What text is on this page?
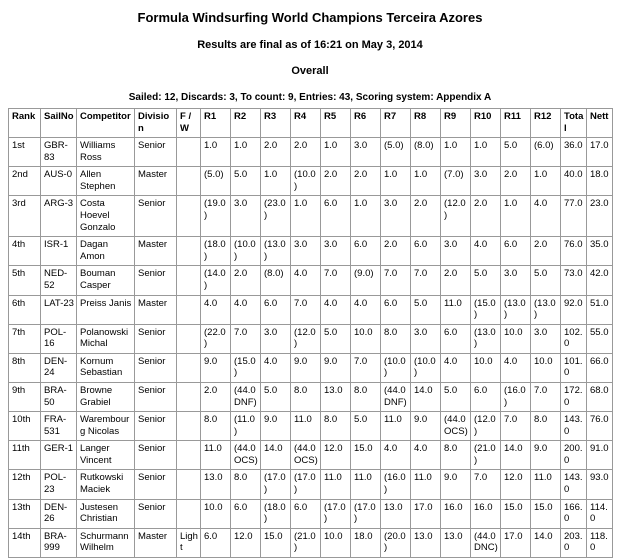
Formula Windsurfing World Champions Terceira Azores
Results are final as of 16:21 on May 3, 2014
Overall
Sailed: 12, Discards: 3, To count: 9, Entries: 43, Scoring system: Appendix A
Rank	SailNo	Competitor	Division	F / W	R1	R2	R3	R4	R5	R6	R7	R8	R9	R10	R11	R12	Total	Nett
1st	GBR-83	Williams Ross	Senior		1.0	1.0	2.0	2.0	1.0	3.0	(5.0)	(8.0)	1.0	1.0	5.0	(6.0)	36.0	17.0
2nd	AUS-0	Allen Stephen	Master		(5.0)	5.0	1.0	(10.0)	2.0	2.0	1.0	1.0	(7.0)	3.0	2.0	1.0	40.0	18.0
3rd	ARG-3	Costa Hoevel Gonzalo	Senior		(19.0)	3.0	(23.0)	1.0	6.0	1.0	3.0	2.0	(12.0)	2.0	1.0	4.0	77.0	23.0
4th	ISR-1	Dagan Amon	Master		(18.0)	(10.0)	(13.0)	3.0	3.0	6.0	2.0	6.0	3.0	4.0	6.0	2.0	76.0	35.0
5th	NED-52	Bouman Casper	Senior		(14.0)	2.0	(8.0)	4.0	7.0	(9.0)	7.0	7.0	2.0	5.0	3.0	5.0	73.0	42.0
6th	LAT-23	Preiss Janis	Master		4.0	4.0	6.0	7.0	4.0	4.0	6.0	5.0	11.0	(15.0)	(13.0)	(13.0)	92.0	51.0
7th	POL-16	Polanowski Michal	Senior		(22.0)	7.0	3.0	(12.0)	5.0	10.0	8.0	3.0	6.0	(13.0)	10.0	3.0	102.0	55.0
8th	DEN-24	Kornum Sebastian	Senior		9.0	(15.0)	4.0	9.0	9.0	7.0	(10.0)	(10.0)	4.0	10.0	4.0	10.0	101.0	66.0
9th	BRA-50	Browne Grabiel	Senior		2.0	(44.0 DNF)	5.0	8.0	13.0	8.0	(44.0 DNF)	14.0	5.0	6.0	(16.0)	7.0	172.0	68.0
10th	FRA-531	Warembourg Nicolas	Senior		8.0	(11.0)	9.0	11.0	8.0	5.0	11.0	9.0	(44.0 OCS)	(12.0)	7.0	8.0	143.0	76.0
11th	GER-1	Langer Vincent	Senior		11.0	(44.0 OCS)	14.0	(44.0 OCS)	12.0	15.0	4.0	4.0	8.0	(21.0)	14.0	9.0	200.0	91.0
12th	POL-23	Rutkowski Maciek	Senior		13.0	8.0	(17.0)	(17.0)	11.0	11.0	(16.0)	11.0	9.0	7.0	12.0	11.0	143.0	93.0
13th	DEN-26	Justesen Christian	Senior		10.0	6.0	(18.0)	6.0	(17.0)	(17.0)	13.0	17.0	16.0	16.0	15.0	15.0	166.0	114.0
14th	BRA-999	Schurmann Wilhelm	Master	Light	6.0	12.0	15.0	(21.0)	10.0	18.0	(20.0)	13.0	13.0	(44.0 DNC)	17.0	14.0	203.0	118.0
